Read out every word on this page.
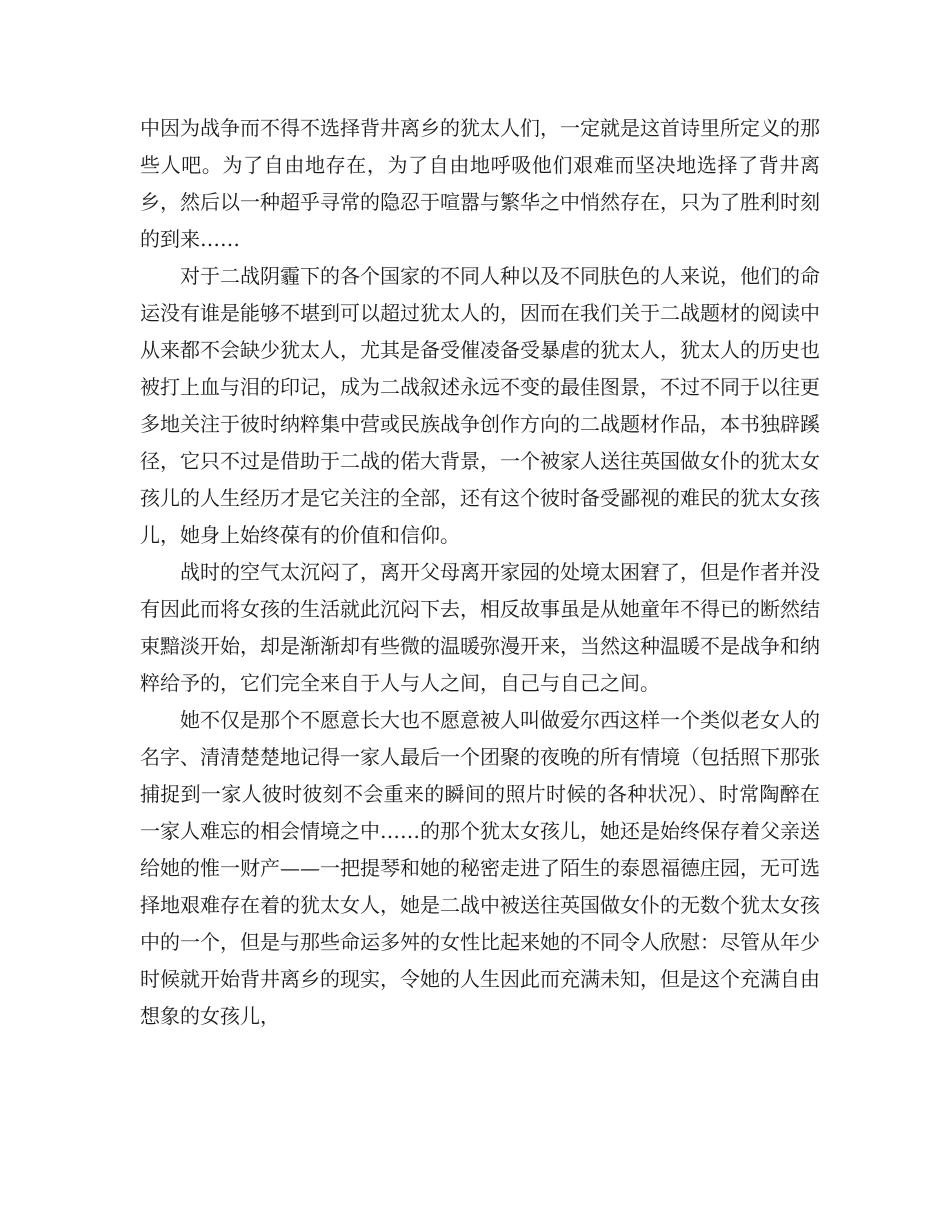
中因为战争而不得不选择背井离乡的犹太人们，一定就是这首诗里所定义的那些人吧。为了自由地存在，为了自由地呼吸他们艰难而坚决地选择了背井离乡，然后以一种超乎寻常的隐忍于喧嚣与繁华之中悄然存在，只为了胜利时刻的到来……

对于二战阴霾下的各个国家的不同人种以及不同肤色的人来说，他们的命运没有谁是能够不堪到可以超过犹太人的，因而在我们关于二战题材的阅读中从来都不会缺少犹太人，尤其是备受催凌备受暴虐的犹太人，犹太人的历史也被打上血与泪的印记，成为二战叙述永远不变的最佳图景，不过不同于以往更多地关注于彼时纳粹集中营或民族战争创作方向的二战题材作品，本书独辟蹊径，它只不过是借助于二战的偌大背景，一个被家人送往英国做女仆的犹太女孩儿的人生经历才是它关注的全部，还有这个彼时备受鄙视的难民的犹太女孩儿，她身上始终葆有的价值和信仰。

战时的空气太沉闷了，离开父母离开家园的处境太困窘了，但是作者并没有因此而将女孩的生活就此沉闷下去，相反故事虽是从她童年不得已的断然结束黯淡开始，却是渐渐却有些微的温暖弥漫开来，当然这种温暖不是战争和纳粹给予的，它们完全来自于人与人之间，自己与自己之间。

她不仅是那个不愿意长大也不愿意被人叫做爱尔西这样一个类似老女人的名字、清清楚楚地记得一家人最后一个团聚的夜晚的所有情境（包括照下那张捕捉到一家人彼时彼刻不会重来的瞬间的照片时候的各种状况）、时常陶醉在一家人难忘的相会情境之中……的那个犹太女孩儿，她还是始终保存着父亲送给她的惟一财产——一把提琴和她的秘密走进了陌生的泰恩福德庄园，无可选择地艰难存在着的犹太女人，她是二战中被送往英国做女仆的无数个犹太女孩中的一个，但是与那些命运多舛的女性比起来她的不同令人欣慰：尽管从年少时候就开始背井离乡的现实，令她的人生因此而充满未知，但是这个充满自由想象的女孩儿，
